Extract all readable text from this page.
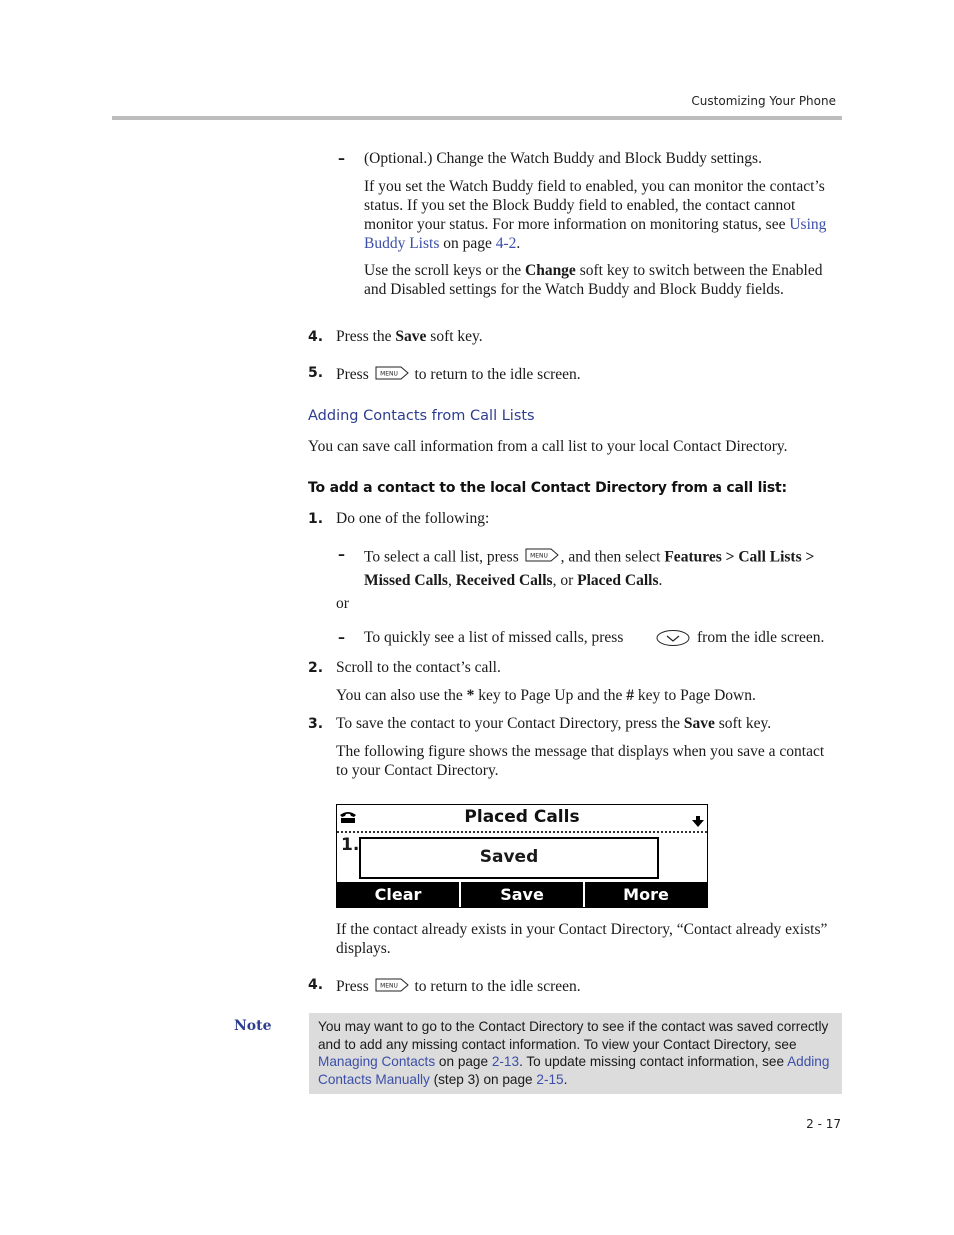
Customizing Your Phone
– (Optional.) Change the Watch Buddy and Block Buddy settings.
If you set the Watch Buddy field to enabled, you can monitor the contact’s status. If you set the Block Buddy field to enabled, the contact cannot monitor your status. For more information on monitoring status, see Using Buddy Lists on page 4-2.
Use the scroll keys or the Change soft key to switch between the Enabled and Disabled settings for the Watch Buddy and Block Buddy fields.
4. Press the Save soft key.
5. Press MENU to return to the idle screen.
Adding Contacts from Call Lists
You can save call information from a call list to your local Contact Directory.
To add a contact to the local Contact Directory from a call list:
1. Do one of the following:
– To select a call list, press MENU , and then select Features > Call Lists > Missed Calls, Received Calls, or Placed Calls.
or
– To quickly see a list of missed calls, press	from the idle screen.
2. Scroll to the contact’s call.
You can also use the * key to Page Up and the # key to Page Down.
3. To save the contact to your Contact Directory, press the Save soft key.
The following figure shows the message that displays when you save a contact to your Contact Directory.
Placed Calls
1.
Saved
Clear	Save	More
If the contact already exists in your Contact Directory, “Contact already exists” displays.
4. Press MENU to return to the idle screen.
Note	You may want to go to the Contact Directory to see if the contact was saved correctly and to add any missing contact information. To view your Contact Directory, see Managing Contacts on page 2-13. To update missing contact information, see Adding Contacts Manually (step 3) on page 2-15.
2 - 17
